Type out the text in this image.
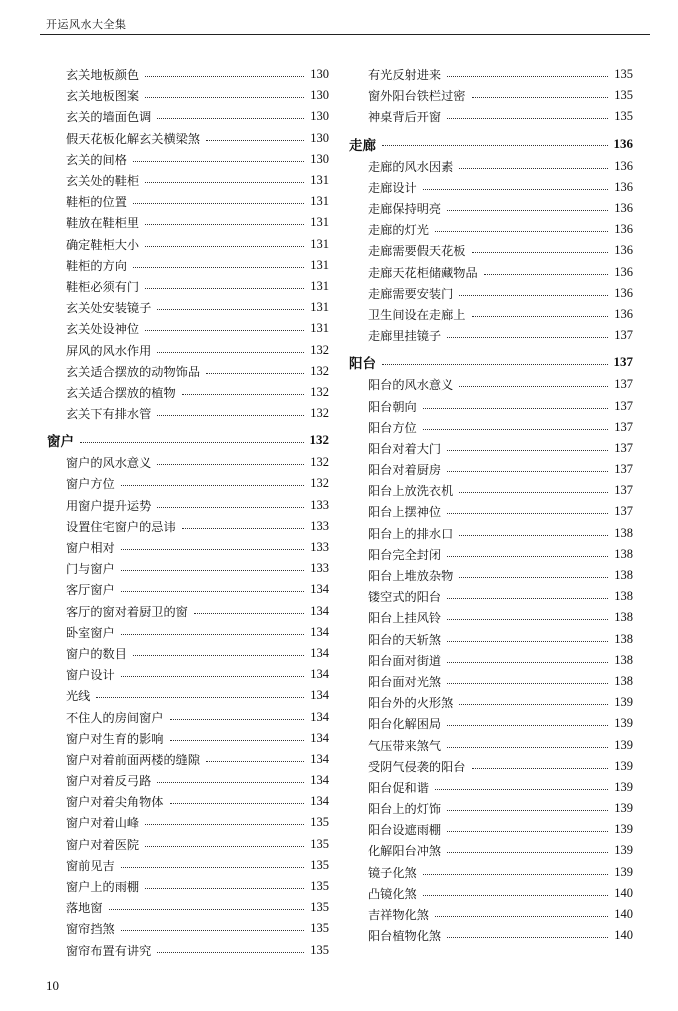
开运风水大全集
玄关地板颜色	130
玄关地板图案	130
玄关的墙面色调	130
假天花板化解玄关横梁煞	130
玄关的间格	130
玄关处的鞋柜	131
鞋柜的位置	131
鞋放在鞋柜里	131
确定鞋柜大小	131
鞋柜的方向	131
鞋柜必须有门	131
玄关处安装镜子	131
玄关处设神位	131
屏风的风水作用	132
玄关适合摆放的动物饰品	132
玄关适合摆放的植物	132
玄关下有排水管	132
窗户	132
窗户的风水意义	132
窗户方位	132
用窗户提升运势	133
设置住宅窗户的忌讳	133
窗户相对	133
门与窗户	133
客厅窗户	134
客厅的窗对着厨卫的窗	134
卧室窗户	134
窗户的数目	134
窗户设计	134
光线	134
不住人的房间窗户	134
窗户对生育的影响	134
窗户对着前面两楼的缝隙	134
窗户对着反弓路	134
窗户对着尖角物体	134
窗户对着山峰	135
窗户对着医院	135
窗前见吉	135
窗户上的雨棚	135
落地窗	135
窗帘挡煞	135
窗帘布置有讲究	135
有光反射进来	135
窗外阳台铁栏过密	135
神桌背后开窗	135
走廊	136
走廊的风水因素	136
走廊设计	136
走廊保持明亮	136
走廊的灯光	136
走廊需要假天花板	136
走廊天花柜储藏物品	136
走廊需要安装门	136
卫生间设在走廊上	136
走廊里挂镜子	137
阳台	137
阳台的风水意义	137
阳台朝向	137
阳台方位	137
阳台对着大门	137
阳台对着厨房	137
阳台上放洗衣机	137
阳台上摆神位	137
阳台上的排水口	138
阳台完全封闭	138
阳台上堆放杂物	138
镂空式的阳台	138
阳台上挂风铃	138
阳台的天斩煞	138
阳台面对街道	138
阳台面对光煞	138
阳台外的火形煞	139
阳台化解困局	139
气压带来煞气	139
受阴气侵袭的阳台	139
阳台促和谐	139
阳台上的灯饰	139
阳台设遮雨棚	139
化解阳台冲煞	139
镜子化煞	139
凸镜化煞	140
吉祥物化煞	140
阳台植物化煞	140
10
